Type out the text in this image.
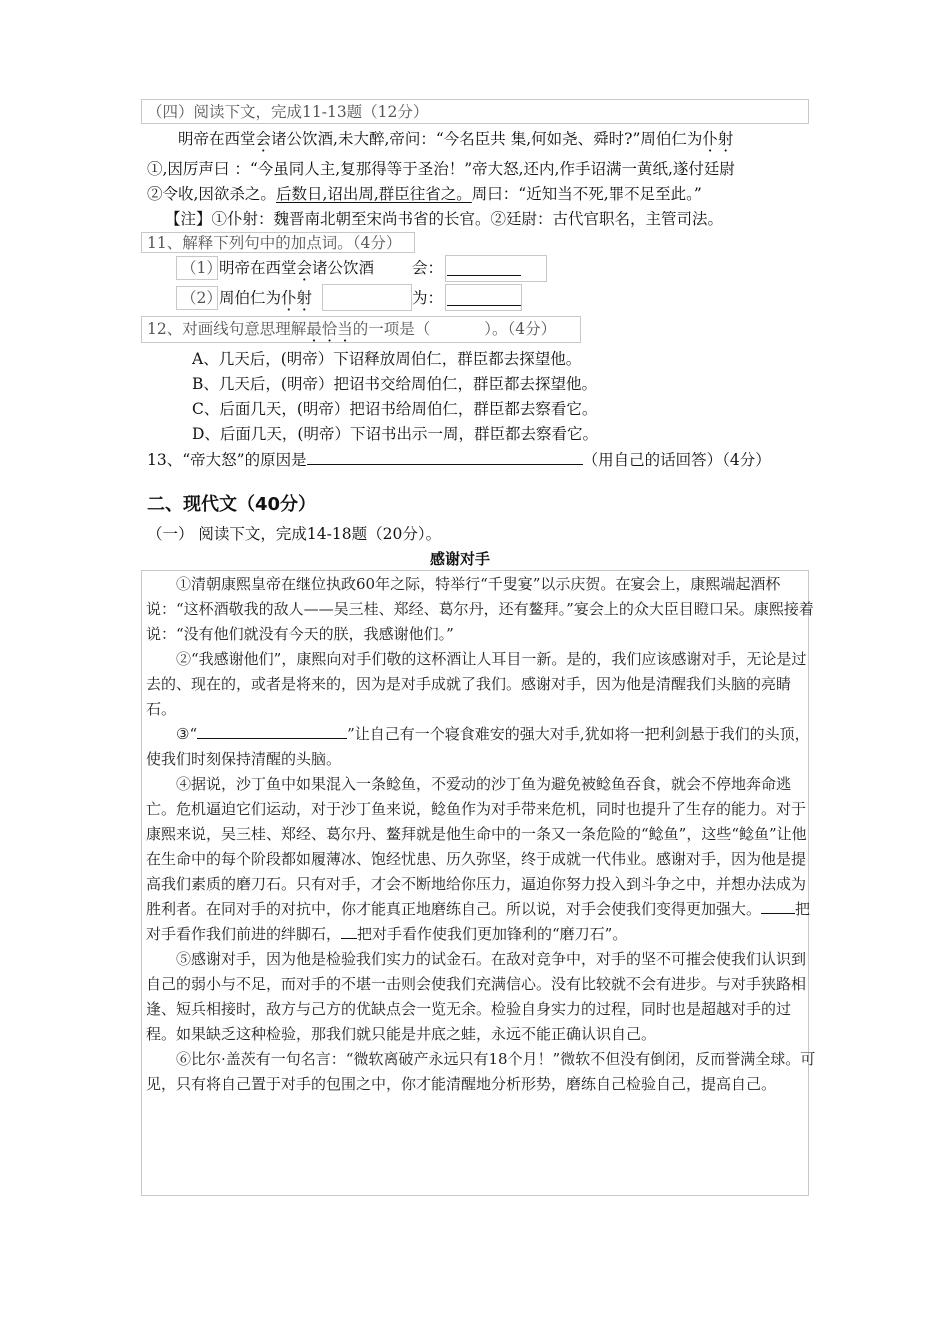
（四）阅读下文，完成11-13题（12分）
明帝在西堂会诸公饮酒,未大醉,帝问：“今名臣共 集,何如尧、舜时?”周伯仁为仆射
①,因厉声曰 ：“今虽同人主,复那得等于圣治！”帝大怒,还内,作手诏满一黄纸,遂付廷尉
②令收,因欲杀之。后数日,诏出周,群臣往省之。周曰：“近知当不死,罪不足至此。”
【注】①仆射：魏晋南北朝至宋尚书省的长官。②廷尉：古代官职名，主管司法。
11、解释下列句中的加点词。（4分）
（1）
明帝在西堂会诸公饮酒 会：
（2）
周伯仁为仆射	为：
12、对画线句意思理解最恰当的一项是（	）。（4分）
A、几天后，(明帝）下诏释放周伯仁，群臣都去探望他。
B、几天后，(明帝）把诏书交给周伯仁，群臣都去探望他。
C、后面几天，(明帝）把诏书给周伯仁，群臣都去察看它。
D、后面几天，(明帝）下诏书出示一周，群臣都去察看它。
13、“帝大怒”的原因是	（用自己的话回答）（4分）
二、现代文（40分）
（一） 阅读下文，完成14-18题（20分）。
感谢对手

①清朝康熙皇帝在继位执政60年之际，特举行“千叟宴”以示庆贺。在宴会上，康熙端起酒杯说：“这杯酒敬我的敌人——吴三桂、郑经、葛尔丹，还有鳌拜。”宴会上的众大臣目瞪口呆。康熙接着说：“没有他们就没有今天的朕，我感谢他们。”

②“我感谢他们”，康熙向对手们敬的这杯酒让人耳目一新。是的，我们应该感谢对手，无论是过去的、现在的，或者是将来的，因为是对手成就了我们。感谢对手，因为他是清醒我们头脑的亮睛石。

③“	”让自己有一个寝食难安的强大对手,犹如将一把利剑悬于我们的头顶，使我们时刻保持清醒的头脑。

④据说，沙丁鱼中如果混入一条鲶鱼，不爱动的沙丁鱼为避免被鲶鱼吞食，就会不停地奔命逃亡。危机逼迫它们运动，对于沙丁鱼来说，鲶鱼作为对手带来危机，同时也提升了生存的能力。对于康熙来说，吴三桂、郑经、葛尔丹、鳌拜就是他生命中的一条又一条危险的“鲶鱼”，这些“鲶鱼”让他在生命中的每个阶段都如履薄冰、饱经忧患、历久弥坚，终于成就一代伟业。感谢对手，因为他是提高我们素质的磨刀石。只有对手，才会不断地给你压力，逼迫你努力投入到斗争之中，并想办法成为胜利者。在同对手的对抗中，你才能真正地磨练自己。所以说，对手会使我们变得更加强大。 把对手看作我们前进的绊脚石， 把对手看作使我们更加锋利的“磨刀石”。

⑤感谢对手，因为他是检验我们实力的试金石。在敌对竞争中，对手的坚不可摧会使我们认识到自己的弱小与不足，而对手的不堪一击则会使我们充满信心。没有比较就不会有进步。与对手狭路相逢、短兵相接时，敌方与己方的优缺点会一览无余。检验自身实力的过程，同时也是超越对手的过程。如果缺乏这种检验，那我们就只能是井底之蛙，永远不能正确认识自己。

⑥比尔·盖茨有一句名言：“微软离破产永远只有18个月！”微软不但没有倒闭，反而誉满全球。可见，只有将自己置于对手的包围之中，你才能清醒地分析形势，磨练自己检验自己，提高自己。
